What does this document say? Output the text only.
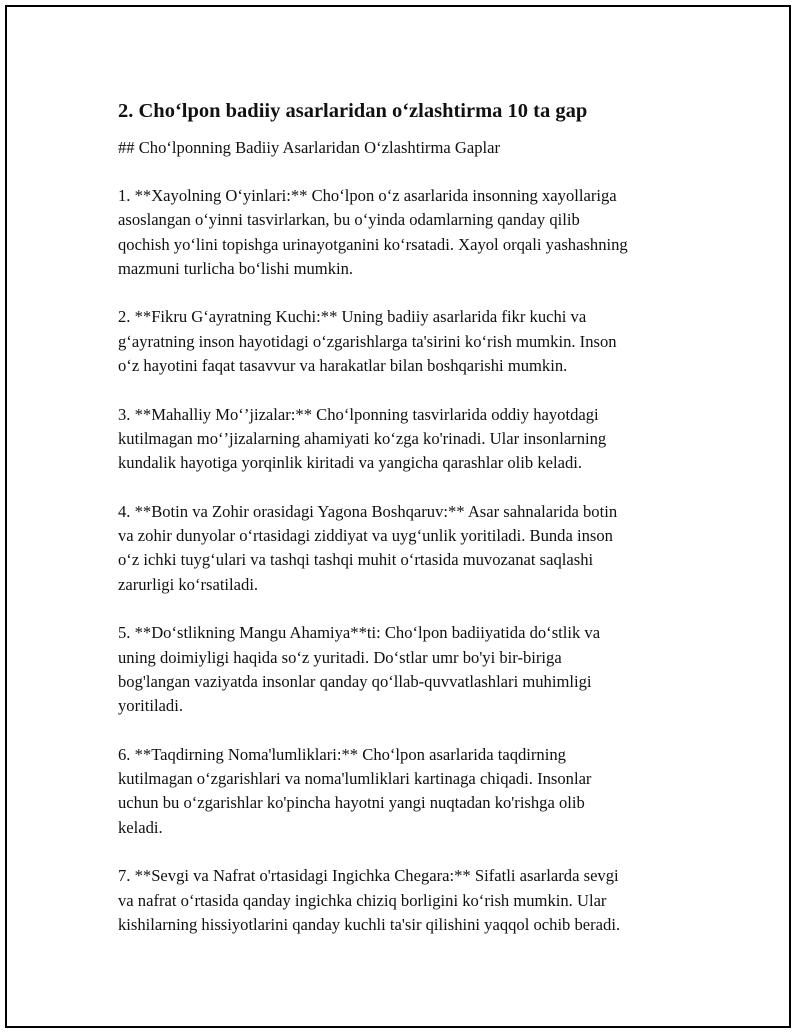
2. Cho‘lpon badiiy asarlaridan o‘zlashtirma 10 ta gap
## Cho‘lponning Badiiy Asarlaridan O‘zlashtirma Gaplar
1. **Xayolning O‘yinlari:** Cho‘lpon o‘z asarlarida insonning xayollariga
asoslangan o‘yinni tasvirlarkan, bu o‘yinda odamlarning qanday qilib
qochish yo‘lini topishga urinayotganini ko‘rsatadi. Xayol orqali yashashning
mazmuni turlicha bo‘lishi mumkin.
2. **Fikru G‘ayratning Kuchi:** Uning badiiy asarlarida fikr kuchi va
g‘ayratning inson hayotidagi o‘zgarishlarga ta'sirini ko‘rish mumkin. Inson
o‘z hayotini faqat tasavvur va harakatlar bilan boshqarishi mumkin.
3. **Mahalliy Mo‘’jizalar:** Cho‘lponning tasvirlarida oddiy hayotdagi
kutilmagan mo‘’jizalarning ahamiyati ko‘zga ko'rinadi. Ular insonlarning
kundalik hayotiga yorqinlik kiritadi va yangicha qarashlar olib keladi.
4. **Botin va Zohir orasidagi Yagona Boshqaruv:** Asar sahnalarida botin
va zohir dunyolar o‘rtasidagi ziddiyat va uyg‘unlik yoritiladi. Bunda inson
o‘z ichki tuyg‘ulari va tashqi tashqi muhit o‘rtasida muvozanat saqlashi
zarurligi ko‘rsatiladi.
5. **Do‘stlikning Mangu Ahamiya**ti: Cho‘lpon badiiyatida do‘stlik va
uning doimiyligi haqida so‘z yuritadi. Do‘stlar umr bo'yi bir-biriga
bog'langan vaziyatda insonlar qanday qo‘llab-quvvatlashlari muhimligi
yoritiladi.
6. **Taqdirning Noma'lumliklari:** Cho‘lpon asarlarida taqdirning
kutilmagan o‘zgarishlari va noma'lumliklari kartinaga chiqadi. Insonlar
uchun bu o‘zgarishlar ko'pincha hayotni yangi nuqtadan ko'rishga olib
keladi.
7. **Sevgi va Nafrat o'rtasidagi Ingichka Chegara:** Sifatli asarlarda sevgi
va nafrat o‘rtasida qanday ingichka chiziq borligini ko‘rish mumkin. Ular
kishilarning hissiyotlarini qanday kuchli ta'sir qilishini yaqqol ochib beradi.
